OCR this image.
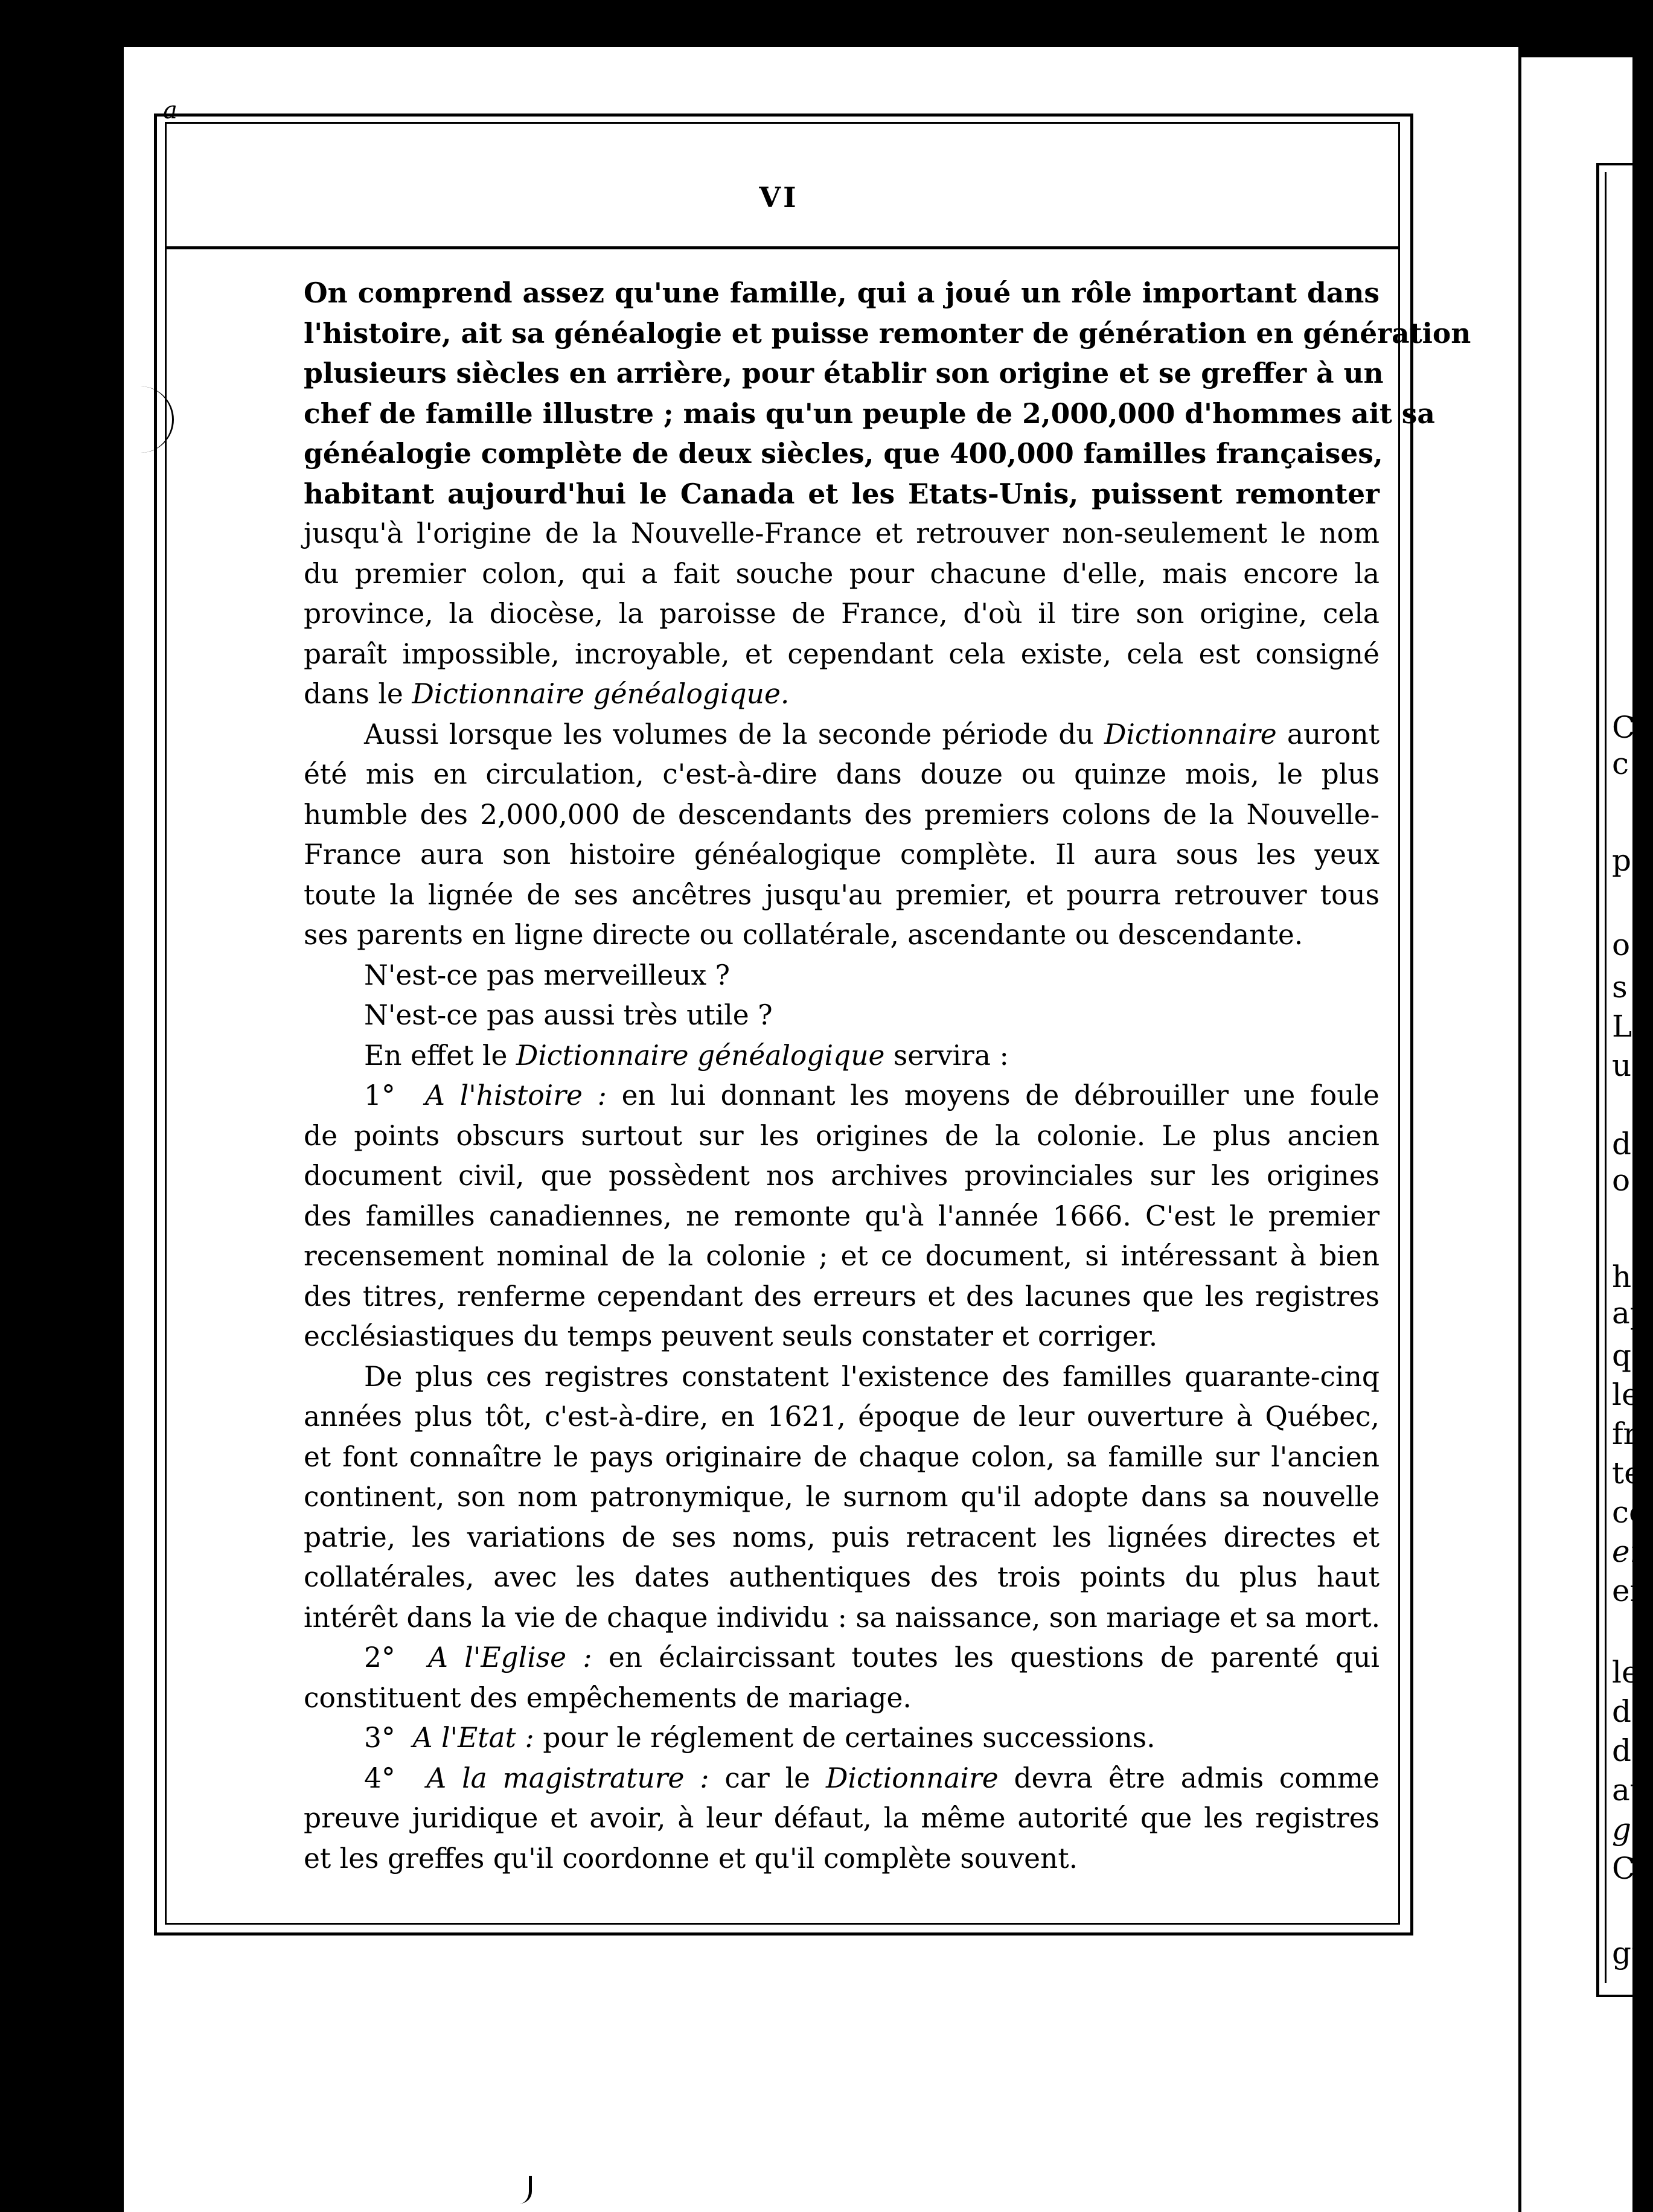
a
C
c
p
o
s
L
u
d
o
hi
ap
q
le
fr
te
co
en
en
le
da
de
au
gé
Ca
gr
VI
On comprend assez qu'une famille, qui a joué un rôle important dans
l'histoire, ait sa généalogie et puisse remonter de génération en génération
plusieurs siècles en arrière, pour établir son origine et se greffer à un
chef de famille illustre ; mais qu'un peuple de 2,000,000 d'hommes ait sa
généalogie complète de deux siècles, que 400,000 familles françaises,
habitant aujourd'hui le Canada et les Etats-Unis, puissent remonter
jusqu'à l'origine de la Nouvelle-France et retrouver non-seulement le nom
du premier colon, qui a fait souche pour chacune d'elle, mais encore la
province, la diocèse, la paroisse de France, d'où il tire son origine, cela
paraît impossible, incroyable, et cependant cela existe, cela est consigné
dans le Dictionnaire généalogique.
Aussi lorsque les volumes de la seconde période du Dictionnaire auront
été mis en circulation, c'est-à-dire dans douze ou quinze mois, le plus
humble des 2,000,000 de descendants des premiers colons de la Nouvelle-
France aura son histoire généalogique complète. Il aura sous les yeux
toute la lignée de ses ancêtres jusqu'au premier, et pourra retrouver tous
ses parents en ligne directe ou collatérale, ascendante ou descendante.
N'est-ce pas merveilleux ?
N'est-ce pas aussi très utile ?
En effet le Dictionnaire généalogique servira :
1° A l'histoire : en lui donnant les moyens de débrouiller une foule
de points obscurs surtout sur les origines de la colonie. Le plus ancien
document civil, que possèdent nos archives provinciales sur les origines
des familles canadiennes, ne remonte qu'à l'année 1666. C'est le premier
recensement nominal de la colonie ; et ce document, si intéressant à bien
des titres, renferme cependant des erreurs et des lacunes que les registres
ecclésiastiques du temps peuvent seuls constater et corriger.
De plus ces registres constatent l'existence des familles quarante-cinq
années plus tôt, c'est-à-dire, en 1621, époque de leur ouverture à Québec,
et font connaître le pays originaire de chaque colon, sa famille sur l'ancien
continent, son nom patronymique, le surnom qu'il adopte dans sa nouvelle
patrie, les variations de ses noms, puis retracent les lignées directes et
collatérales, avec les dates authentiques des trois points du plus haut
intérêt dans la vie de chaque individu : sa naissance, son mariage et sa mort.
2° A l'Eglise : en éclaircissant toutes les questions de parenté qui
constituent des empêchements de mariage.
3° A l'Etat : pour le réglement de certaines successions.
4° A la magistrature : car le Dictionnaire devra être admis comme
preuve juridique et avoir, à leur défaut, la même autorité que les registres
et les greffes qu'il coordonne et qu'il complète souvent.
